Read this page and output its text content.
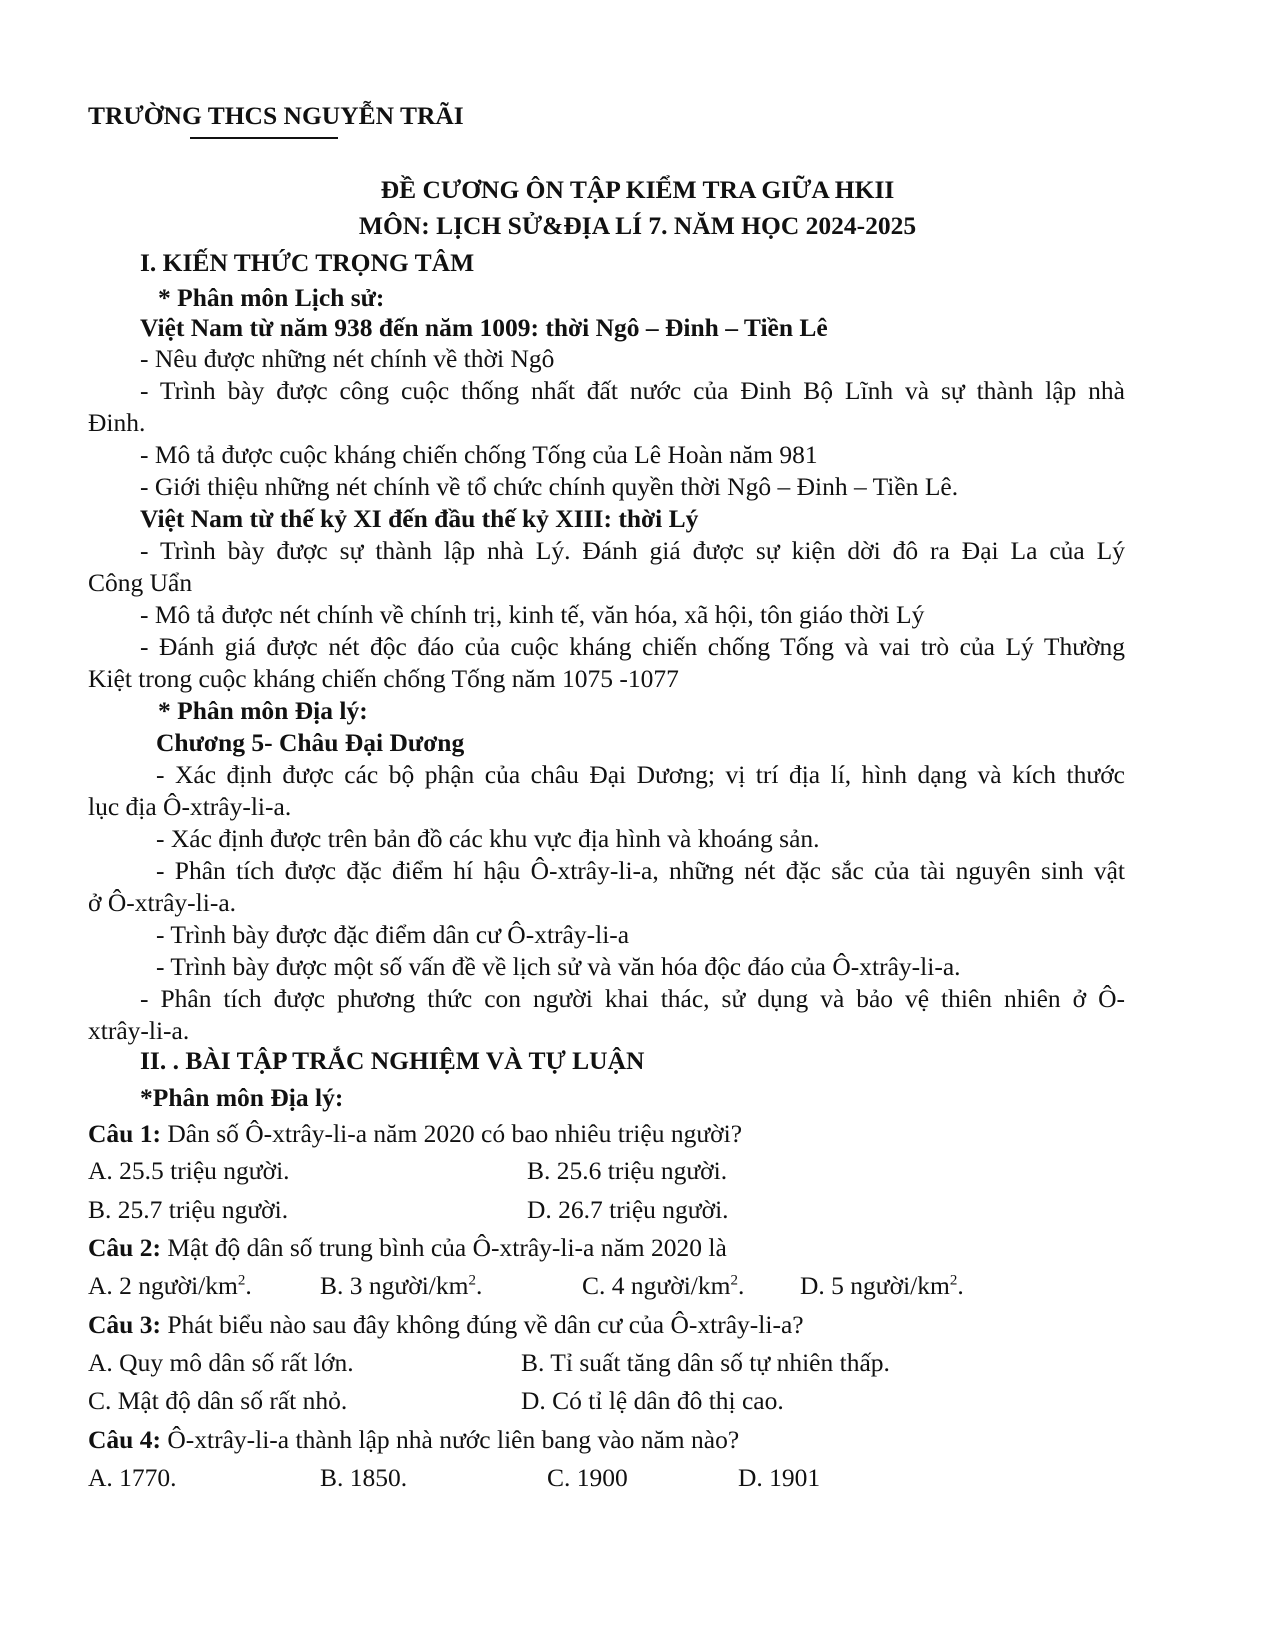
TRƯỜNG THCS NGUYỄN TRÃI
ĐỀ CƯƠNG ÔN TẬP KIỂM TRA GIỮA HKII
MÔN: LỊCH SỬ&ĐỊA LÍ 7. NĂM HỌC 2024-2025
I. KIẾN THỨC TRỌNG TÂM
* Phân môn Lịch sử:
Việt Nam từ năm 938 đến năm 1009: thời Ngô – Đinh – Tiền Lê
- Nêu được những nét chính về thời Ngô
- Trình bày được công cuộc thống nhất đất nước của Đinh Bộ Lĩnh và sự thành lập nhà
Đinh.
- Mô tả được cuộc kháng chiến chống Tống của Lê Hoàn năm 981
- Giới thiệu những nét chính về tổ chức chính quyền thời Ngô – Đinh – Tiền Lê.
Việt Nam từ thế kỷ XI đến đầu thế kỷ XIII: thời Lý
- Trình bày được sự thành lập nhà Lý. Đánh giá được sự kiện dời đô ra Đại La của Lý
Công Uẩn
- Mô tả được nét chính về chính trị, kinh tế, văn hóa, xã hội, tôn giáo thời Lý
- Đánh giá được nét độc đáo của cuộc kháng chiến chống Tống và vai trò của Lý Thường
Kiệt trong cuộc kháng chiến chống Tống năm 1075 -1077
* Phân môn Địa lý:
Chương 5- Châu Đại Dương
- Xác định được các bộ phận của châu Đại Dương; vị trí địa lí, hình dạng và kích thước
lục địa Ô-xtrây-li-a.
- Xác định được trên bản đồ các khu vực địa hình và khoáng sản.
- Phân tích được đặc điểm hí hậu Ô-xtrây-li-a, những nét đặc sắc của tài nguyên sinh vật
ở Ô-xtrây-li-a.
- Trình bày được đặc điểm dân cư Ô-xtrây-li-a
- Trình bày được một số vấn đề về lịch sử và văn hóa độc đáo của Ô-xtrây-li-a.
- Phân tích được phương thức con người khai thác, sử dụng và bảo vệ thiên nhiên ở Ô-
xtrây-li-a.
II. . BÀI TẬP TRẮC NGHIỆM VÀ TỰ LUẬN
*Phân môn Địa lý:
Câu 1: Dân số Ô-xtrây-li-a năm 2020 có bao nhiêu triệu người?
A. 25.5 triệu người.	B. 25.6 triệu người.
B. 25.7 triệu người.	D. 26.7 triệu người.
Câu 2: Mật độ dân số trung bình của Ô-xtrây-li-a năm 2020 là
A. 2 người/$km^2$.	B. 3 người/$km^2$.	C. 4 người/$km^2$. D. 5 người/$km^2$.
Câu 3: Phát biểu nào sau đây không đúng về dân cư của Ô-xtrây-li-a?
A. Quy mô dân số rất lớn.	B. Tỉ suất tăng dân số tự nhiên thấp.
C. Mật độ dân số rất nhỏ.	D. Có tỉ lệ dân đô thị cao.
Câu 4: Ô-xtrây-li-a thành lập nhà nước liên bang vào năm nào?
A. 1770.	B. 1850.	C. 1900	D. 1901
